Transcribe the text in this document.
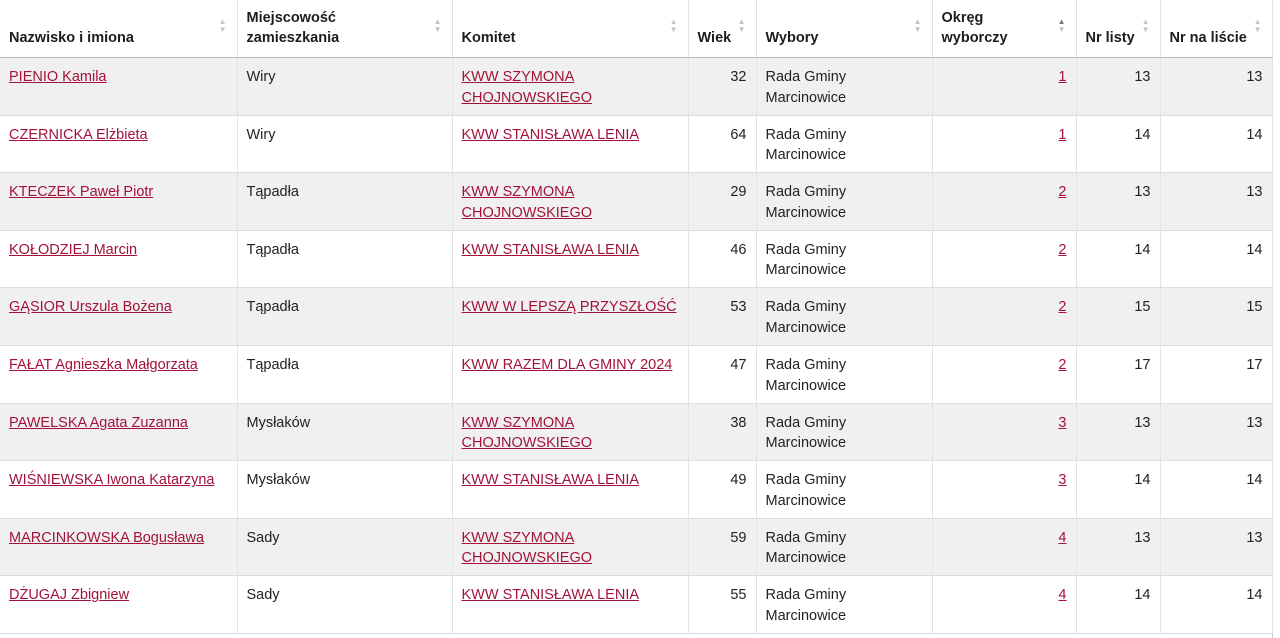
Nazwisko i imiona
▲
▼	Miejscowość zamieszkania
▲
▼	Komitet
▲
▼	Wiek
▲
▼	Wybory
▲
▼	Okręg wyborczy
▲
▼	Nr listy
▲
▼	Nr na liście
▲
▼

PIENIO Kamila	Wiry	KWW SZYMONA CHOJNOWSKIEGO	32	Rada Gminy Marcinowice	1	13	13
CZERNICKA Elżbieta	Wiry	KWW STANISŁAWA LENIA	64	Rada Gminy Marcinowice	1	14	14
KTECZEK Paweł Piotr	Tąpadła	KWW SZYMONA CHOJNOWSKIEGO	29	Rada Gminy Marcinowice	2	13	13
KOŁODZIEJ Marcin	Tąpadła	KWW STANISŁAWA LENIA	46	Rada Gminy Marcinowice	2	14	14
GĄSIOR Urszula Bożena	Tąpadła	KWW W LEPSZĄ PRZYSZŁOŚĆ	53	Rada Gminy Marcinowice	2	15	15
FAŁAT Agnieszka Małgorzata	Tąpadła	KWW RAZEM DLA GMINY 2024	47	Rada Gminy Marcinowice	2	17	17
PAWELSKA Agata Zuzanna	Mysłaków	KWW SZYMONA CHOJNOWSKIEGO	38	Rada Gminy Marcinowice	3	13	13
WIŚNIEWSKA Iwona Katarzyna	Mysłaków	KWW STANISŁAWA LENIA	49	Rada Gminy Marcinowice	3	14	14
MARCINKOWSKA Bogusława	Sady	KWW SZYMONA CHOJNOWSKIEGO	59	Rada Gminy Marcinowice	4	13	13
DŻUGAJ Zbigniew	Sady	KWW STANISŁAWA LENIA	55	Rada Gminy Marcinowice	4	14	14
